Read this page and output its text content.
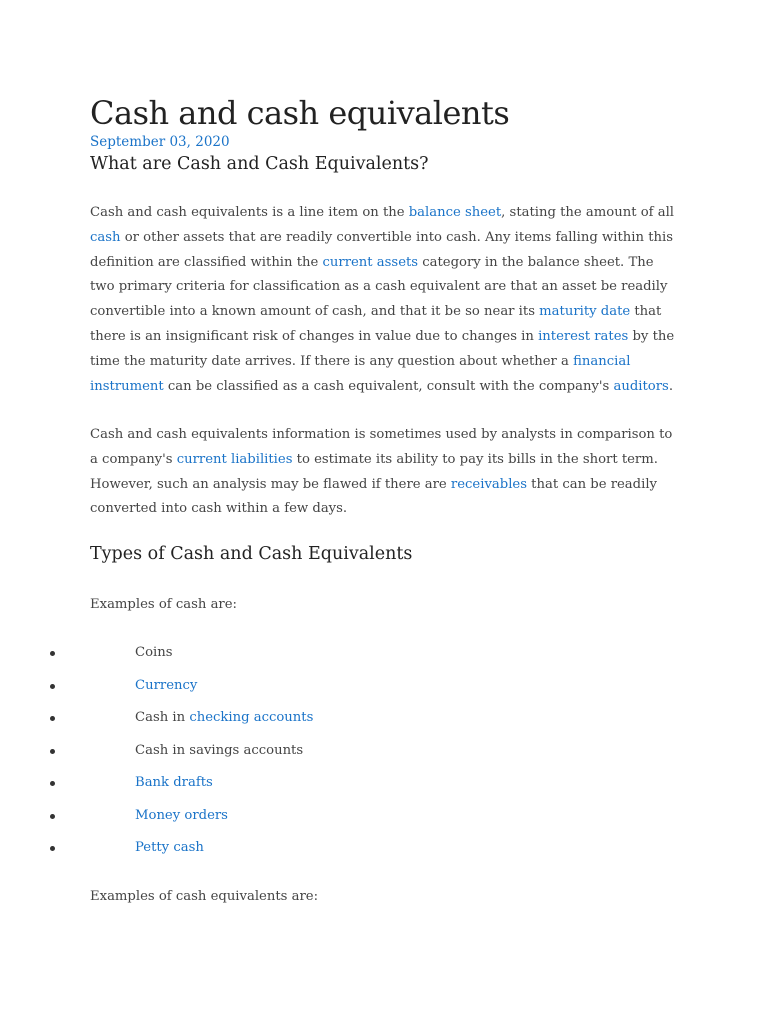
Cash and cash equivalents
September 03, 2020
What are Cash and Cash Equivalents?

Cash and cash equivalents is a line item on the balance sheet, stating the amount of all cash or other assets that are readily convertible into cash. Any items falling within this definition are classified within the current assets category in the balance sheet. The two primary criteria for classification as a cash equivalent are that an asset be readily convertible into a known amount of cash, and that it be so near its maturity date that there is an insignificant risk of changes in value due to changes in interest rates by the time the maturity date arrives. If there is any question about whether a financial instrument can be classified as a cash equivalent, consult with the company's auditors.

Cash and cash equivalents information is sometimes used by analysts in comparison to a company's current liabilities to estimate its ability to pay its bills in the short term. However, such an analysis may be flawed if there are receivables that can be readily converted into cash within a few days.

Types of Cash and Cash Equivalents

Examples of cash are:

Coins
Currency
Cash in checking accounts
Cash in savings accounts
Bank drafts
Money orders
Petty cash

Examples of cash equivalents are:
